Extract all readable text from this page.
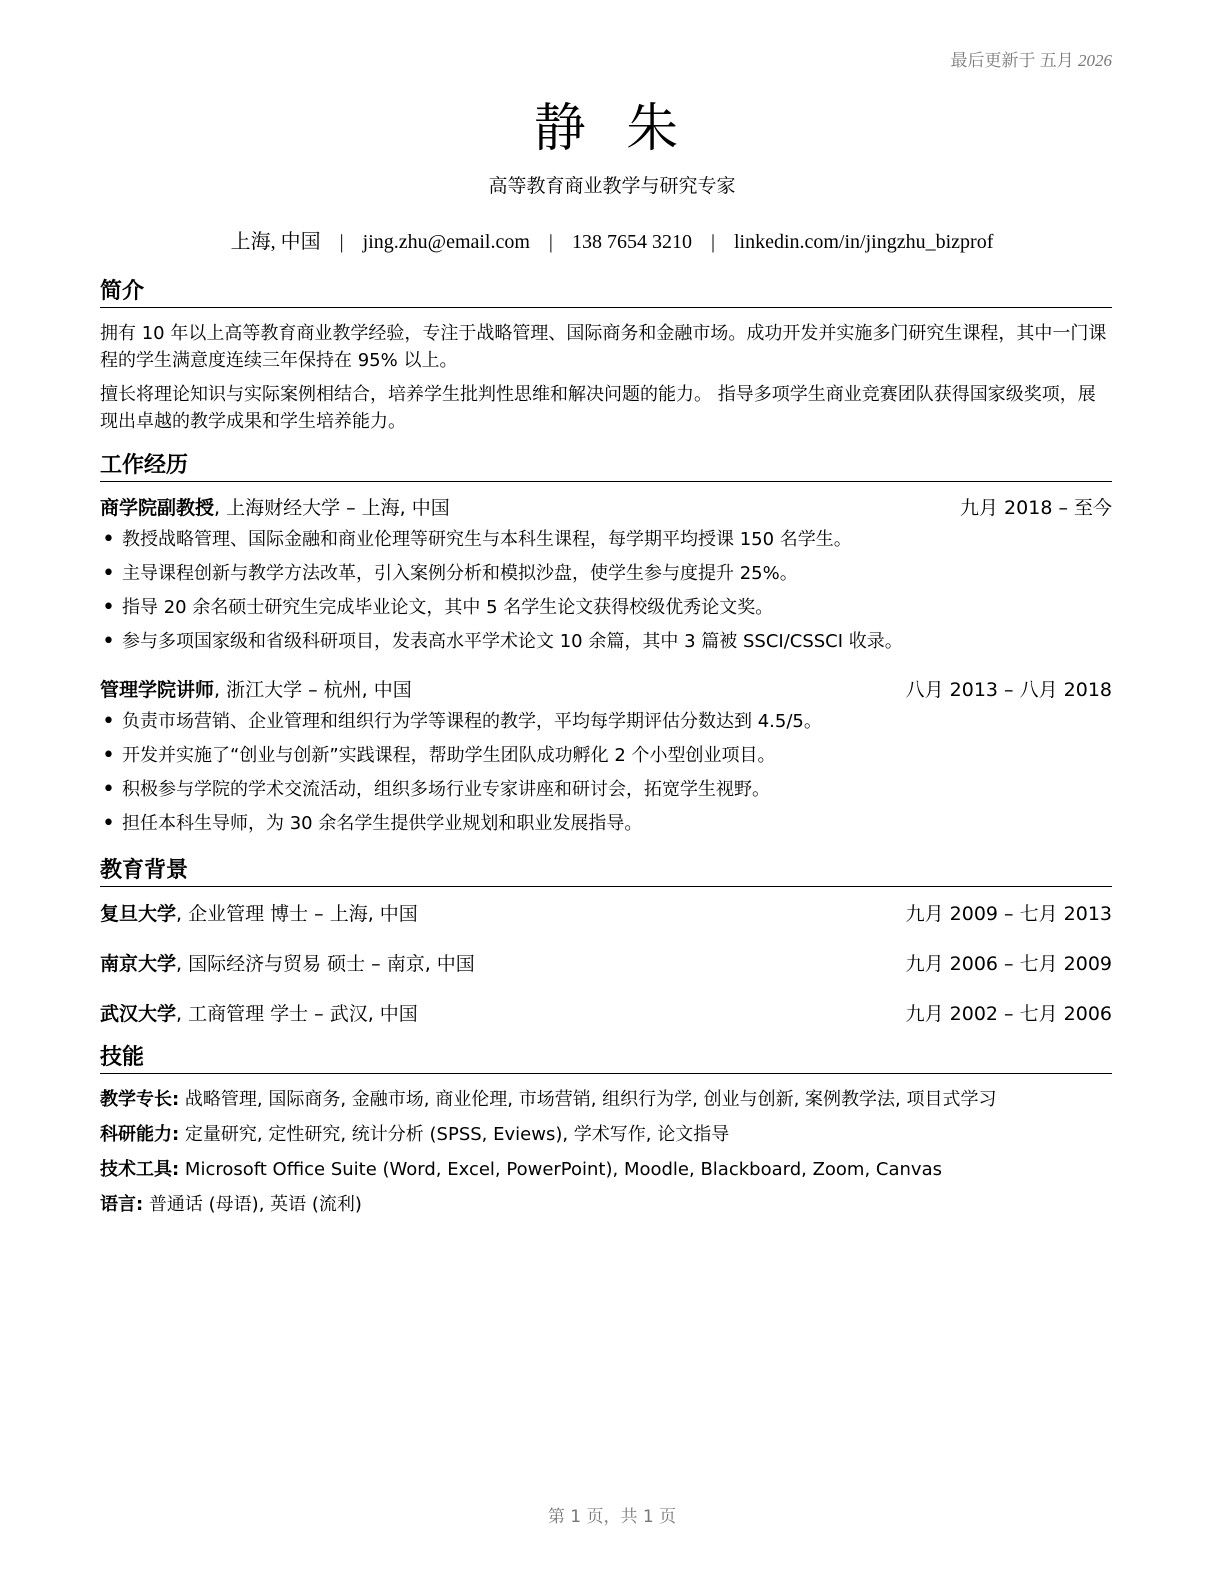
最后更新于 五月 2026
静 朱
高等教育商业教学与研究专家
上海, 中国 | jing.zhu@email.com | 138 7654 3210 | linkedin.com/in/jingzhu_bizprof
简介

拥有 10 年以上高等教育商业教学经验，专注于战略管理、国际商务和金融市场。成功开发并实施多门研究生课程，其中一门课程的学生满意度连续三年保持在 95% 以上。

擅长将理论知识与实际案例相结合，培养学生批判性思维和解决问题的能力。 指导多项学生商业竞赛团队获得国家级奖项，展现出卓越的教学成果和学生培养能力。

工作经历
商学院副教授, 上海财经大学 – 上海, 中国	九月 2018 – 至今
• 教授战略管理、国际金融和商业伦理等研究生与本科生课程，每学期平均授课 150 名学生。
• 主导课程创新与教学方法改革，引入案例分析和模拟沙盘，使学生参与度提升 25%。
• 指导 20 余名硕士研究生完成毕业论文，其中 5 名学生论文获得校级优秀论文奖。
• 参与多项国家级和省级科研项目，发表高水平学术论文 10 余篇，其中 3 篇被 SSCI/CSSCI 收录。
管理学院讲师, 浙江大学 – 杭州, 中国	八月 2013 – 八月 2018
• 负责市场营销、企业管理和组织行为学等课程的教学，平均每学期评估分数达到 4.5/5。
• 开发并实施了“创业与创新”实践课程，帮助学生团队成功孵化 2 个小型创业项目。
• 积极参与学院的学术交流活动，组织多场行业专家讲座和研讨会，拓宽学生视野。
• 担任本科生导师，为 30 余名学生提供学业规划和职业发展指导。
教育背景
复旦大学, 企业管理 博士 – 上海, 中国	九月 2009 – 七月 2013
南京大学, 国际经济与贸易 硕士 – 南京, 中国	九月 2006 – 七月 2009
武汉大学, 工商管理 学士 – 武汉, 中国	九月 2002 – 七月 2006
技能
教学专长: 战略管理, 国际商务, 金融市场, 商业伦理, 市场营销, 组织行为学, 创业与创新, 案例教学法, 项目式学习
科研能力: 定量研究, 定性研究, 统计分析 (SPSS, Eviews), 学术写作, 论文指导
技术工具: Microsoft Office Suite (Word, Excel, PowerPoint), Moodle, Blackboard, Zoom, Canvas
语言: 普通话 (母语), 英语 (流利)
第 1 页，共 1 页
